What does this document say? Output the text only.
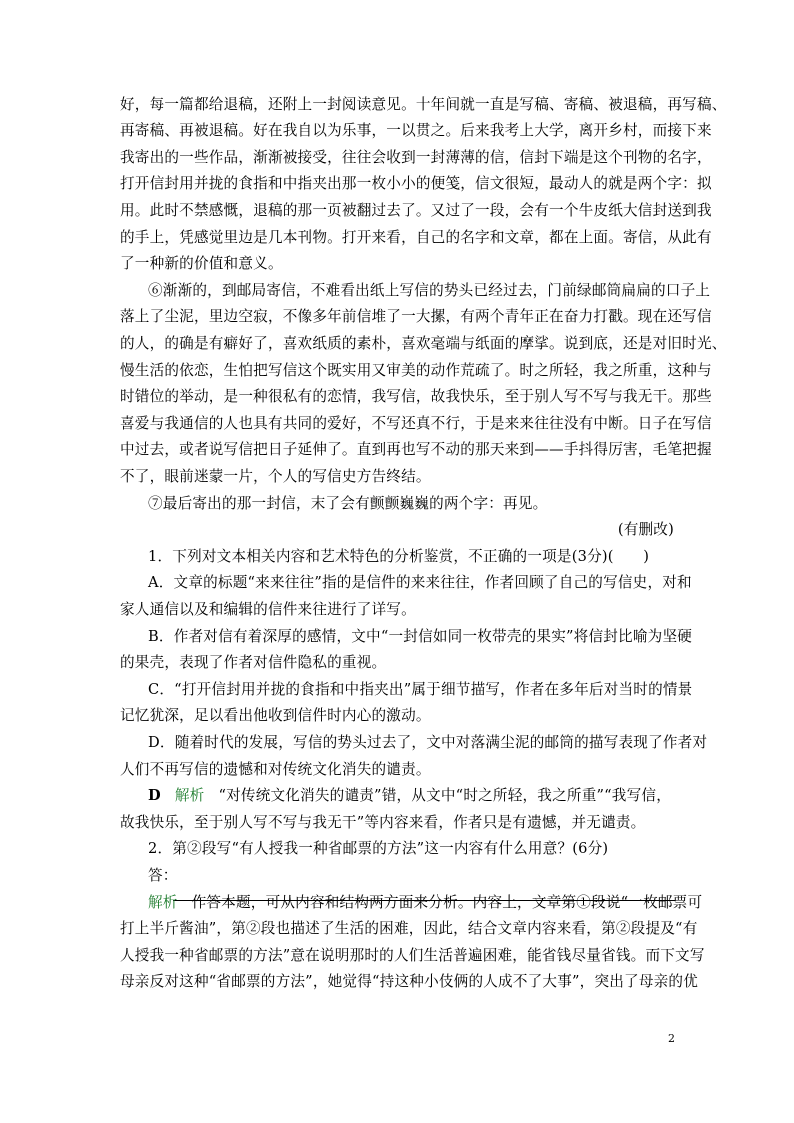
好，每一篇都给退稿，还附上一封阅读意见。十年间就一直是写稿、寄稿、被退稿，再写稿、
再寄稿、再被退稿。好在我自以为乐事，一以贯之。后来我考上大学，离开乡村，而接下来
我寄出的一些作品，渐渐被接受，往往会收到一封薄薄的信，信封下端是这个刊物的名字，
打开信封用并拢的食指和中指夹出那一枚小小的便笺，信文很短，最动人的就是两个字：拟
用。此时不禁感慨，退稿的那一页被翻过去了。又过了一段，会有一个牛皮纸大信封送到我
的手上，凭感觉里边是几本刊物。打开来看，自己的名字和文章，都在上面。寄信，从此有
了一种新的价值和意义。
⑥渐渐的，到邮局寄信，不难看出纸上写信的势头已经过去，门前绿邮筒扁扁的口子上
落上了尘泥，里边空寂，不像多年前信堆了一大摞，有两个青年正在奋力打戳。现在还写信
的人，的确是有癖好了，喜欢纸质的素朴，喜欢毫端与纸面的摩挲。说到底，还是对旧时光、
慢生活的依恋，生怕把写信这个既实用又审美的动作荒疏了。时之所轻，我之所重，这种与
时错位的举动，是一种很私有的恋情，我写信，故我快乐，至于别人写不写与我无干。那些
喜爱与我通信的人也具有共同的爱好，不写还真不行，于是来来往往没有中断。日子在写信
中过去，或者说写信把日子延伸了。直到再也写不动的那天来到——手抖得厉害，毛笔把握
不了，眼前迷蒙一片，个人的写信史方告终结。
⑦最后寄出的那一封信，末了会有颤颤巍巍的两个字：再见。
(有删改)
1．下列对文本相关内容和艺术特色的分析鉴赏，不正确的一项是(3分)(　　)
A．文章的标题“来来往往”指的是信件的来来往往，作者回顾了自己的写信史，对和
家人通信以及和编辑的信件来往进行了详写。
B．作者对信有着深厚的感情，文中“一封信如同一枚带壳的果实”将信封比喻为坚硬
的果壳，表现了作者对信件隐私的重视。
C．“打开信封用并拢的食指和中指夹出”属于细节描写，作者在多年后对当时的情景
记忆犹深，足以看出他收到信件时内心的激动。
D．随着时代的发展，写信的势头过去了，文中对落满尘泥的邮筒的描写表现了作者对
人们不再写信的遗憾和对传统文化消失的谴责。
D 解析 “对传统文化消失的谴责”错，从文中“时之所轻，我之所重”“我写信，
故我快乐，至于别人写不写与我无干”等内容来看，作者只是有遗憾，并无谴责。
2．第②段写“有人授我一种省邮票的方法”这一内容有什么用意？(6分)
答：
解析 作答本题，可从内容和结构两方面来分析。内容上，文章第①段说“一枚邮票可
打上半斤酱油”，第②段也描述了生活的困难，因此，结合文章内容来看，第②段提及“有
人授我一种省邮票的方法”意在说明那时的人们生活普遍困难，能省钱尽量省钱。而下文写
母亲反对这种“省邮票的方法”，她觉得“持这种小伎俩的人成不了大事”，突出了母亲的优
2
